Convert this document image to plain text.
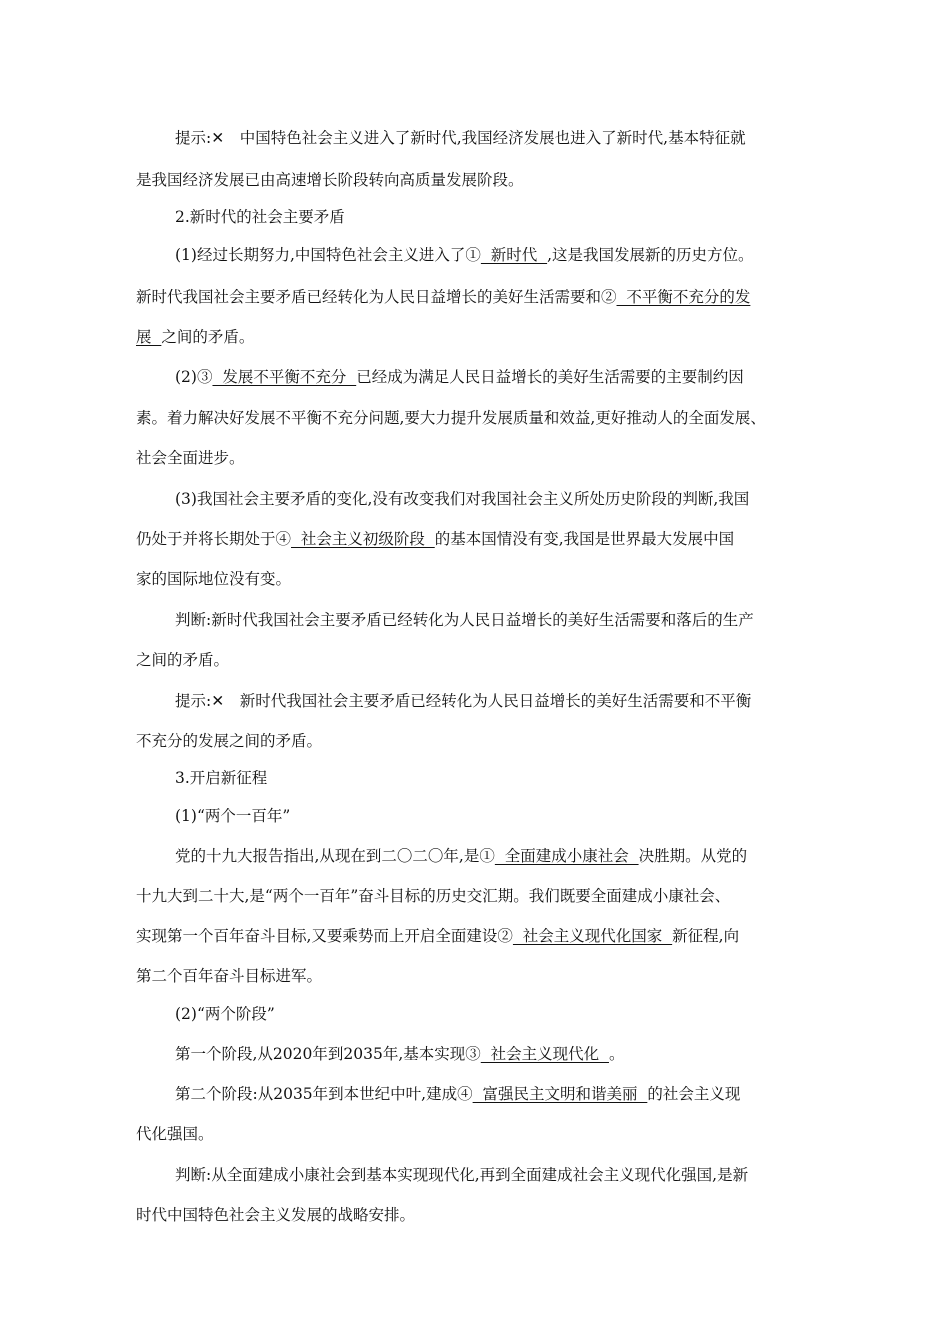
提示:✕　中国特色社会主义进入了新时代,我国经济发展也进入了新时代,基本特征就
是我国经济发展已由高速增长阶段转向高质量发展阶段。
2.新时代的社会主要矛盾
(1)经过长期努力,中国特色社会主义进入了①  新时代  ,这是我国发展新的历史方位。
新时代我国社会主要矛盾已经转化为人民日益增长的美好生活需要和②  不平衡不充分的发
展  之间的矛盾。
(2)③  发展不平衡不充分  已经成为满足人民日益增长的美好生活需要的主要制约因
素。着力解决好发展不平衡不充分问题,要大力提升发展质量和效益,更好推动人的全面发展、
社会全面进步。
(3)我国社会主要矛盾的变化,没有改变我们对我国社会主义所处历史阶段的判断,我国
仍处于并将长期处于④  社会主义初级阶段  的基本国情没有变,我国是世界最大发展中国
家的国际地位没有变。
判断:新时代我国社会主要矛盾已经转化为人民日益增长的美好生活需要和落后的生产
之间的矛盾。
提示:✕　新时代我国社会主要矛盾已经转化为人民日益增长的美好生活需要和不平衡
不充分的发展之间的矛盾。
3.开启新征程
(1)“两个一百年”
党的十九大报告指出,从现在到二〇二〇年,是①  全面建成小康社会  决胜期。从党的
十九大到二十大,是“两个一百年”奋斗目标的历史交汇期。我们既要全面建成小康社会、
实现第一个百年奋斗目标,又要乘势而上开启全面建设②  社会主义现代化国家  新征程,向
第二个百年奋斗目标进军。
(2)“两个阶段”
第一个阶段,从2020年到2035年,基本实现③  社会主义现代化  。
第二个阶段:从2035年到本世纪中叶,建成④  富强民主文明和谐美丽  的社会主义现
代化强国。
判断:从全面建成小康社会到基本实现现代化,再到全面建成社会主义现代化强国,是新
时代中国特色社会主义发展的战略安排。
